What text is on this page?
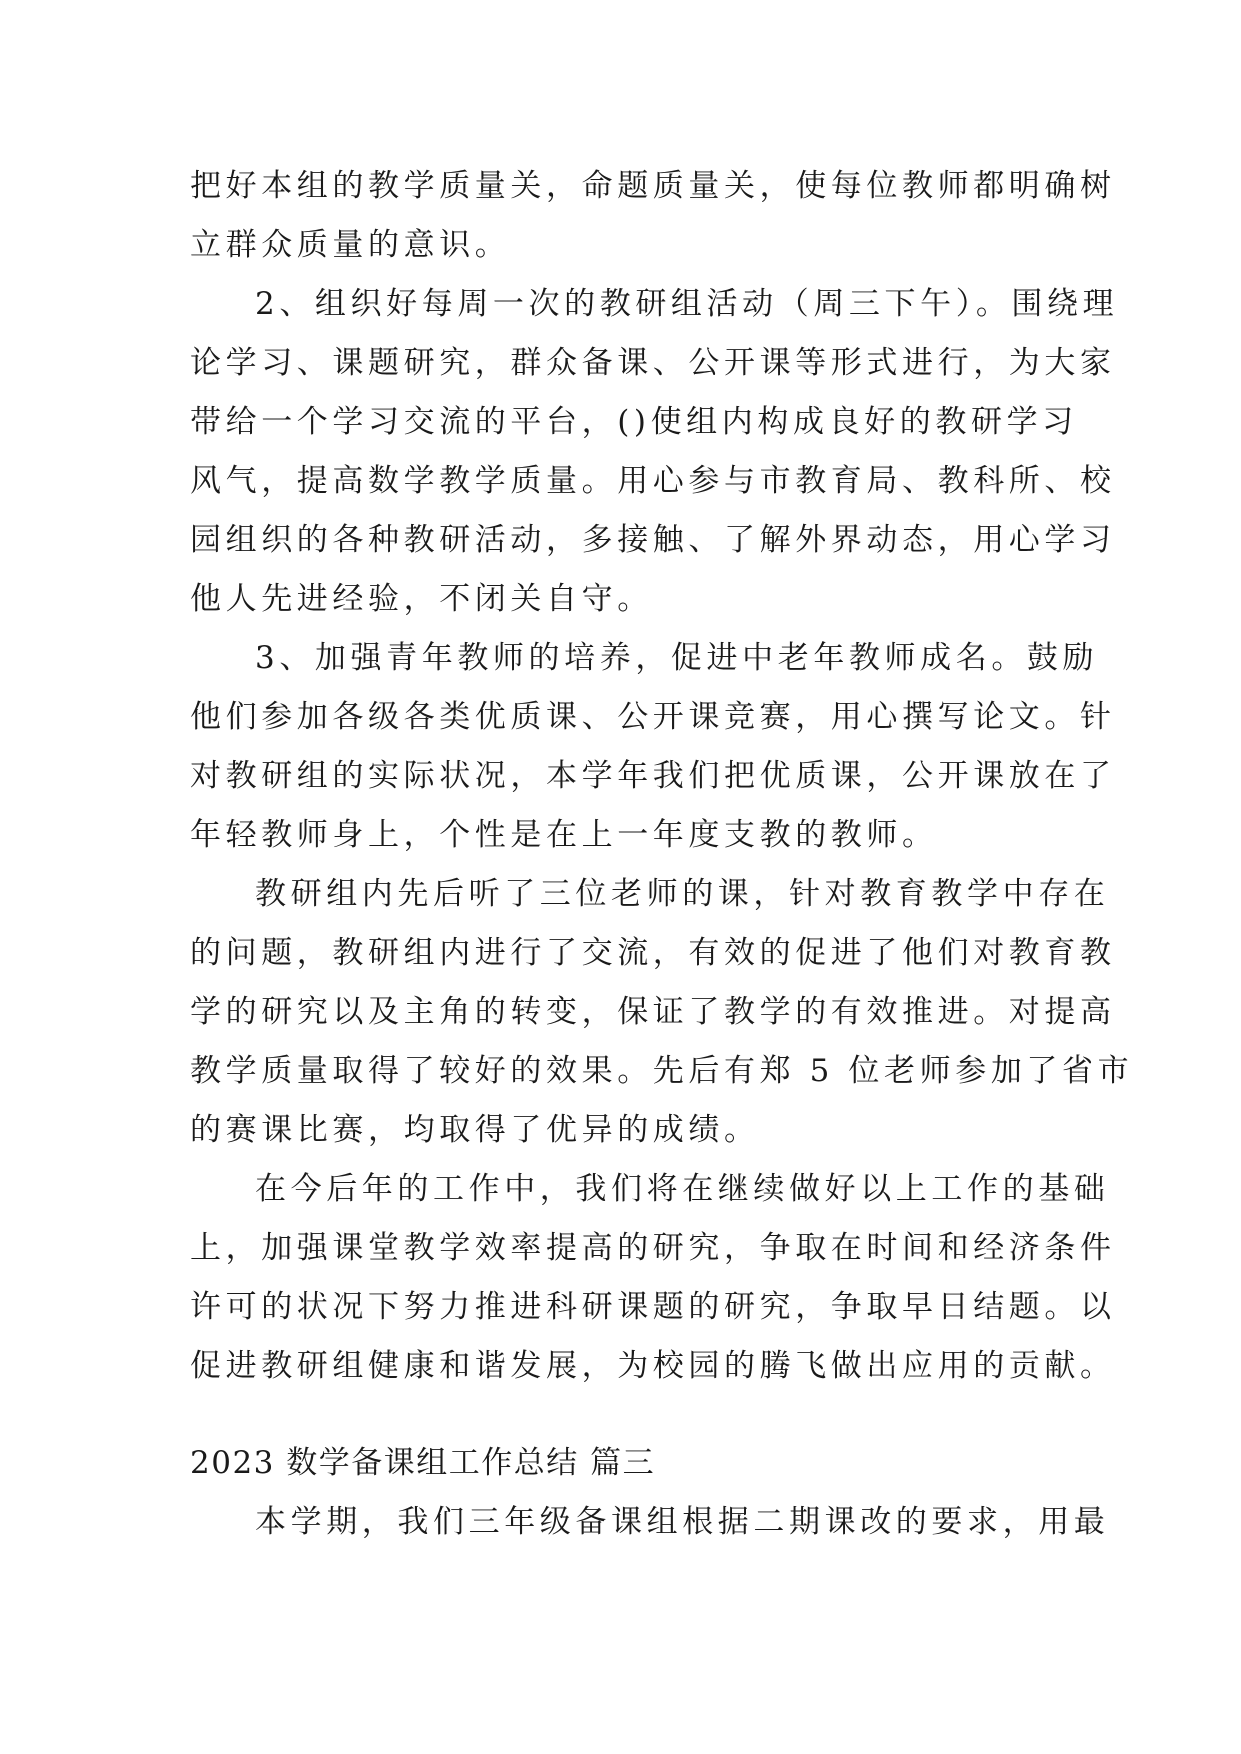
把好本组的教学质量关，命题质量关，使每位教师都明确树
立群众质量的意识。
2、组织好每周一次的教研组活动（周三下午）。围绕理
论学习、课题研究，群众备课、公开课等形式进行，为大家
带给一个学习交流的平台，()使组内构成良好的教研学习
风气，提高数学教学质量。用心参与市教育局、教科所、校
园组织的各种教研活动，多接触、了解外界动态，用心学习
他人先进经验，不闭关自守。
3、加强青年教师的培养，促进中老年教师成名。鼓励
他们参加各级各类优质课、公开课竞赛，用心撰写论文。针
对教研组的实际状况，本学年我们把优质课，公开课放在了
年轻教师身上，个性是在上一年度支教的教师。
教研组内先后听了三位老师的课，针对教育教学中存在
的问题，教研组内进行了交流，有效的促进了他们对教育教
学的研究以及主角的转变，保证了教学的有效推进。对提高
教学质量取得了较好的效果。先后有郑 5 位老师参加了省市
的赛课比赛，均取得了优异的成绩。
在今后年的工作中，我们将在继续做好以上工作的基础
上，加强课堂教学效率提高的研究，争取在时间和经济条件
许可的状况下努力推进科研课题的研究，争取早日结题。以
促进教研组健康和谐发展，为校园的腾飞做出应用的贡献。
2023 数学备课组工作总结 篇三
本学期，我们三年级备课组根据二期课改的要求，用最
